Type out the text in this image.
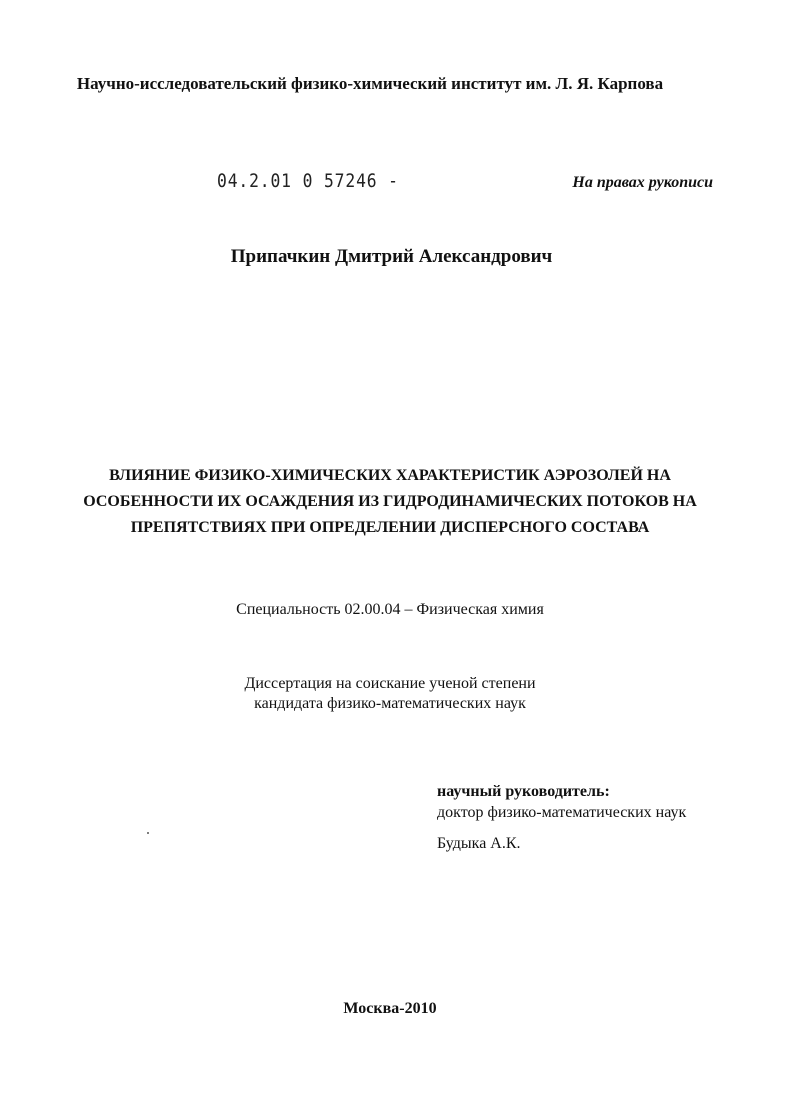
Научно-исследовательский физико-химический институт им. Л. Я. Карпова
04.2.01 0 57246 -	На правах рукописи
Припачкин Дмитрий Александрович
ВЛИЯНИЕ ФИЗИКО-ХИМИЧЕСКИХ ХАРАКТЕРИСТИК АЭРОЗОЛЕЙ НА
ОСОБЕННОСТИ ИХ ОСАЖДЕНИЯ ИЗ ГИДРОДИНАМИЧЕСКИХ ПОТОКОВ НА
ПРЕПЯТСТВИЯХ ПРИ ОПРЕДЕЛЕНИИ ДИСПЕРСНОГО СОСТАВА
Специальность 02.00.04 – Физическая химия
Диссертация на соискание ученой степени
кандидата физико-математических наук
научный руководитель:
доктор физико-математических наук
Будыка А.К.
Москва-2010
